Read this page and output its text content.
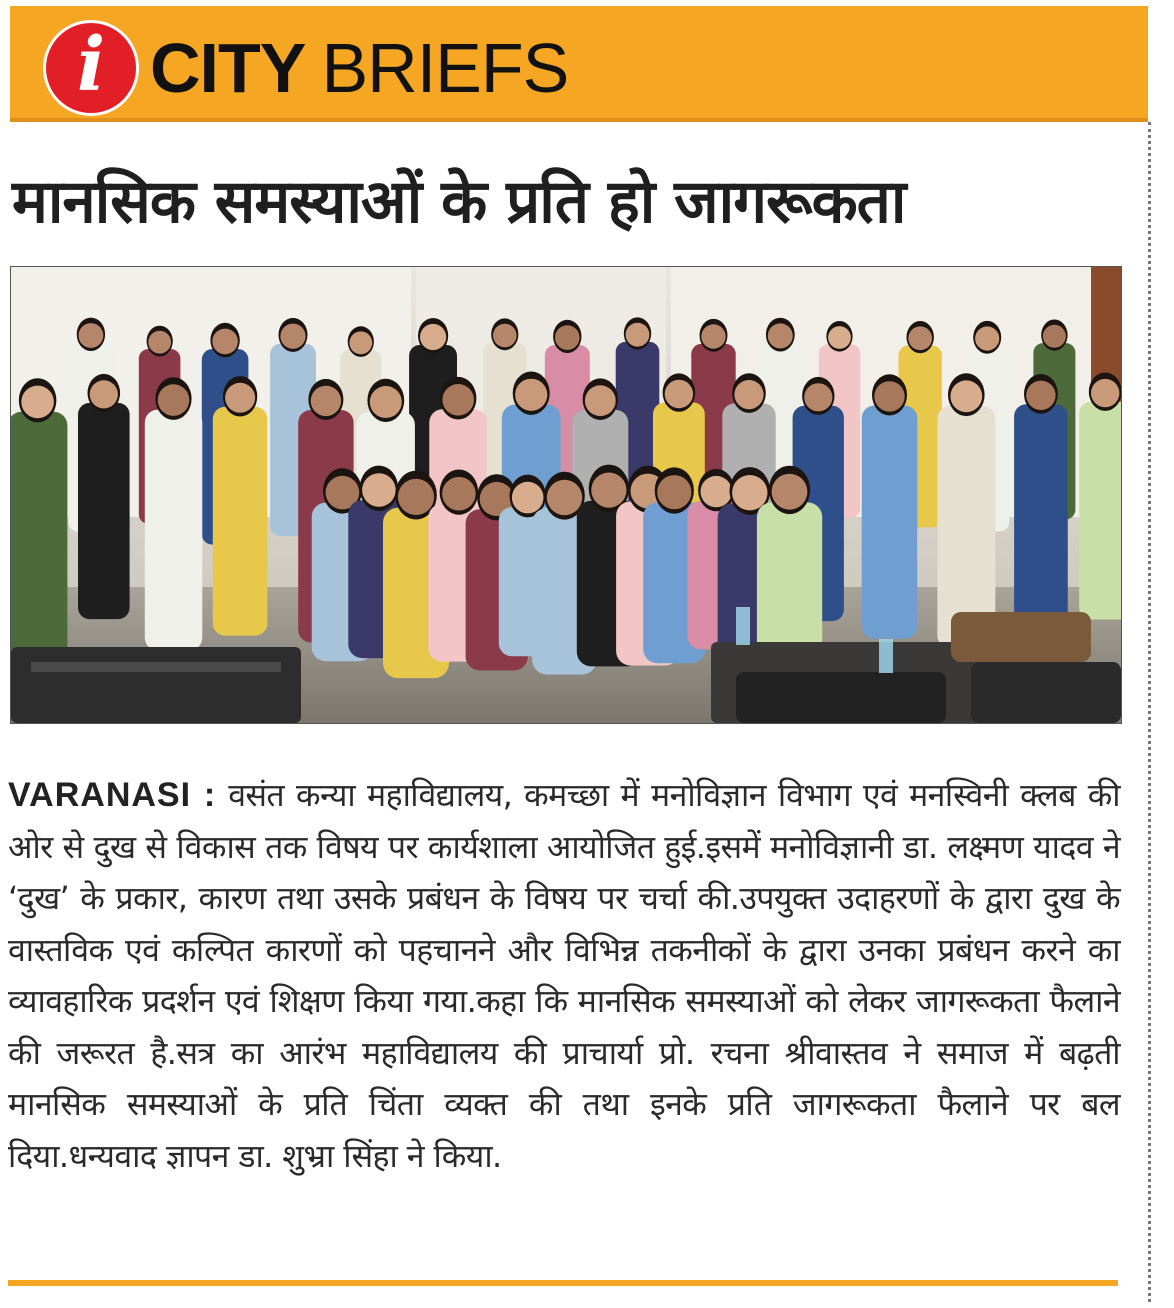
i CITY BRIEFS
मानसिक समस्याओं के प्रति हो जागरूकता
VARANASI : वसंत कन्या महाविद्यालय, कमच्छा में मनोविज्ञान विभाग एवं मनस्विनी क्लब की ओर से दुख से विकास तक विषय पर कार्यशाला आयोजित हुई.इसमें मनोविज्ञानी डा. लक्ष्मण यादव ने ‘दुख’ के प्रकार, कारण तथा उसके प्रबंधन के विषय पर चर्चा की.उपयुक्त उदाहरणों के द्वारा दुख के वास्तविक एवं कल्पित कारणों को पहचानने और विभिन्न तकनीकों के द्वारा उनका प्रबंधन करने का व्यावहारिक प्रदर्शन एवं शिक्षण किया गया.कहा कि मानसिक समस्याओं को लेकर जागरूकता फैलाने की जरूरत है.सत्र का आरंभ महाविद्यालय की प्राचार्या प्रो. रचना श्रीवास्तव ने समाज में बढ़ती मानसिक समस्याओं के प्रति चिंता व्यक्त की तथा इनके प्रति जागरूकता फैलाने पर बल दिया.धन्यवाद ज्ञापन डा. शुभ्रा सिंहा ने किया.
